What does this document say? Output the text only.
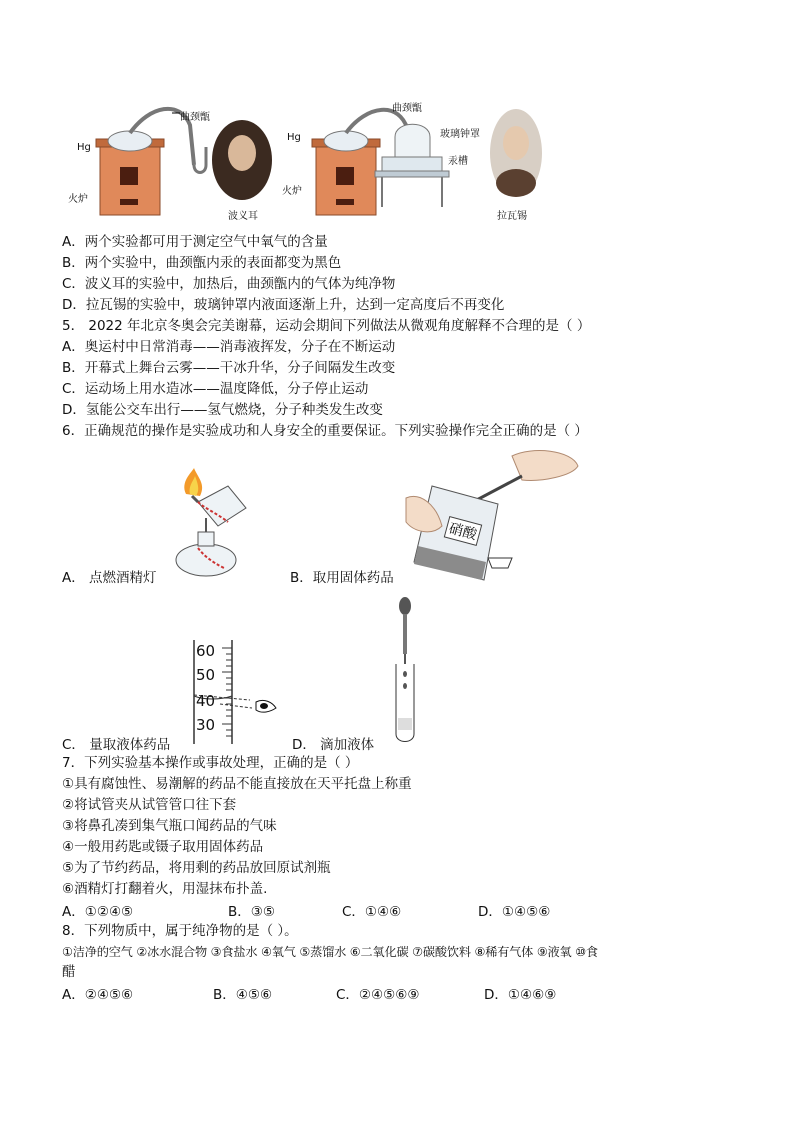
曲颈甑
Hg
火炉
波义耳
曲颈甑
Hg	玻璃钟罩
汞槽
火炉
拉瓦锡
A．两个实验都可用于测定空气中氧气的含量
B．两个实验中，曲颈甑内汞的表面都变为黑色
C．波义耳的实验中，加热后，曲颈甑内的气体为纯净物
D．拉瓦锡的实验中，玻璃钟罩内液面逐渐上升，达到一定高度后不再变化
5． 2022 年北京冬奥会完美谢幕，运动会期间下列做法从微观角度解释不合理的是（ ）
A．奥运村中日常消毒——消毒液挥发，分子在不断运动
B．开幕式上舞台云雾——干冰升华，分子间隔发生改变
C．运动场上用水造冰——温度降低，分子停止运动
D．氢能公交车出行——氢气燃烧，分子种类发生改变
6．正确规范的操作是实验成功和人身安全的重要保证。下列实验操作完全正确的是（ ）
A． 点燃酒精灯	B．取用固体药品
硝酸
60
50
40
30
C． 量取液体药品	D． 滴加液体
7．下列实验基本操作或事故处理，正确的是（ ）
①具有腐蚀性、易潮解的药品不能直接放在天平托盘上称重
②将试管夹从试管管口往下套
③将鼻孔凑到集气瓶口闻药品的气味
④一般用药匙或镊子取用固体药品
⑤为了节约药品，将用剩的药品放回原试剂瓶
⑥酒精灯打翻着火，用湿抹布扑盖.
A．①②④⑤	B．③⑤	C．①④⑥	D．①④⑤⑥
8．下列物质中，属于纯净物的是（ ）。
①洁净的空气 ②冰水混合物 ③食盐水 ④氧气 ⑤蒸馏水 ⑥二氧化碳 ⑦碳酸饮料 ⑧稀有气体 ⑨液氧 ⑩食
醋
A．②④⑤⑥	B．④⑤⑥	C．②④⑤⑥⑨	D．①④⑥⑨
